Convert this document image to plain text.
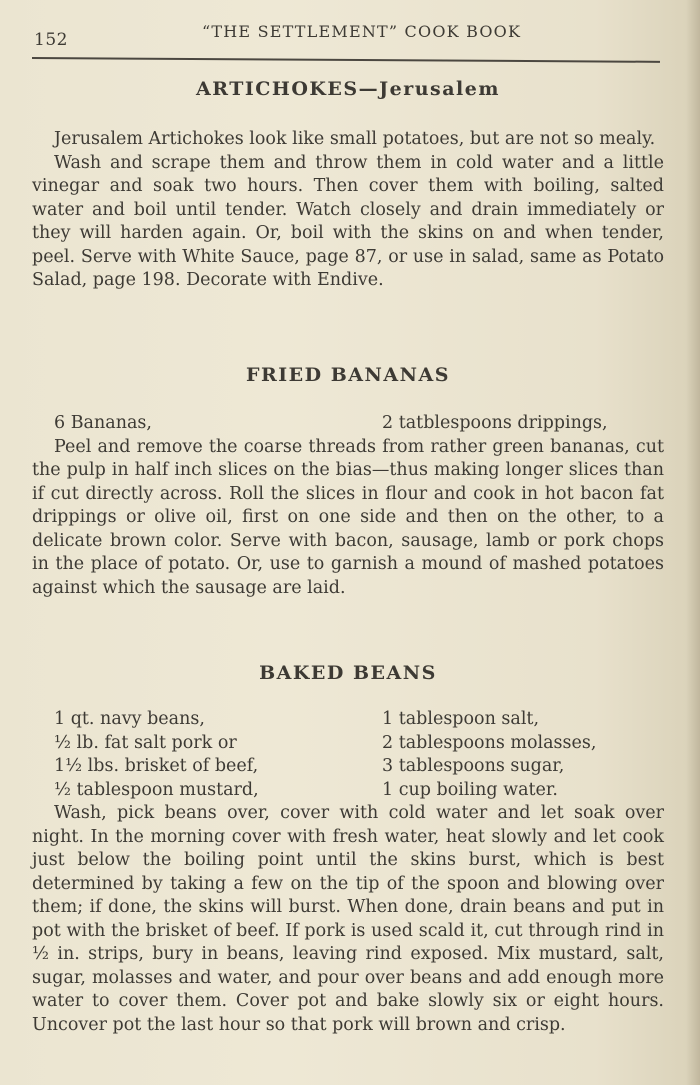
152	“THE SETTLEMENT” COOK BOOK
ARTICHOKES—Jerusalem

Jerusalem Artichokes look like small potatoes, but are not so mealy.

Wash and scrape them and throw them in cold water and a little vinegar and soak two hours. Then cover them with boiling, salted water and boil until tender. Watch closely and drain immediately or they will harden again. Or, boil with the skins on and when tender, peel. Serve with White Sauce, page 87, or use in salad, same as Potato Salad, page 198. Decorate with Endive.

FRIED BANANAS
6 Bananas,	2 tatblespoons drippings,

Peel and remove the coarse threads from rather green bananas, cut the pulp in half inch slices on the bias—thus making longer slices than if cut directly across. Roll the slices in flour and cook in hot bacon fat drippings or olive oil, first on one side and then on the other, to a delicate brown color. Serve with bacon, sausage, lamb or pork chops in the place of potato. Or, use to garnish a mound of mashed potatoes against which the sausage are laid.

BAKED BEANS
1 qt. navy beans,	1 tablespoon salt,
½ lb. fat salt pork or	2 tablespoons molasses,
1½ lbs. brisket of beef,	3 tablespoons sugar,
½ tablespoon mustard,	1 cup boiling water.

Wash, pick beans over, cover with cold water and let soak over night. In the morning cover with fresh water, heat slowly and let cook just below the boiling point until the skins burst, which is best determined by taking a few on the tip of the spoon and blowing over them; if done, the skins will burst. When done, drain beans and put in pot with the brisket of beef. If pork is used scald it, cut through rind in ½ in. strips, bury in beans, leaving rind exposed. Mix mustard, salt, sugar, molasses and water, and pour over beans and add enough more water to cover them. Cover pot and bake slowly six or eight hours. Uncover pot the last hour so that pork will brown and crisp.
